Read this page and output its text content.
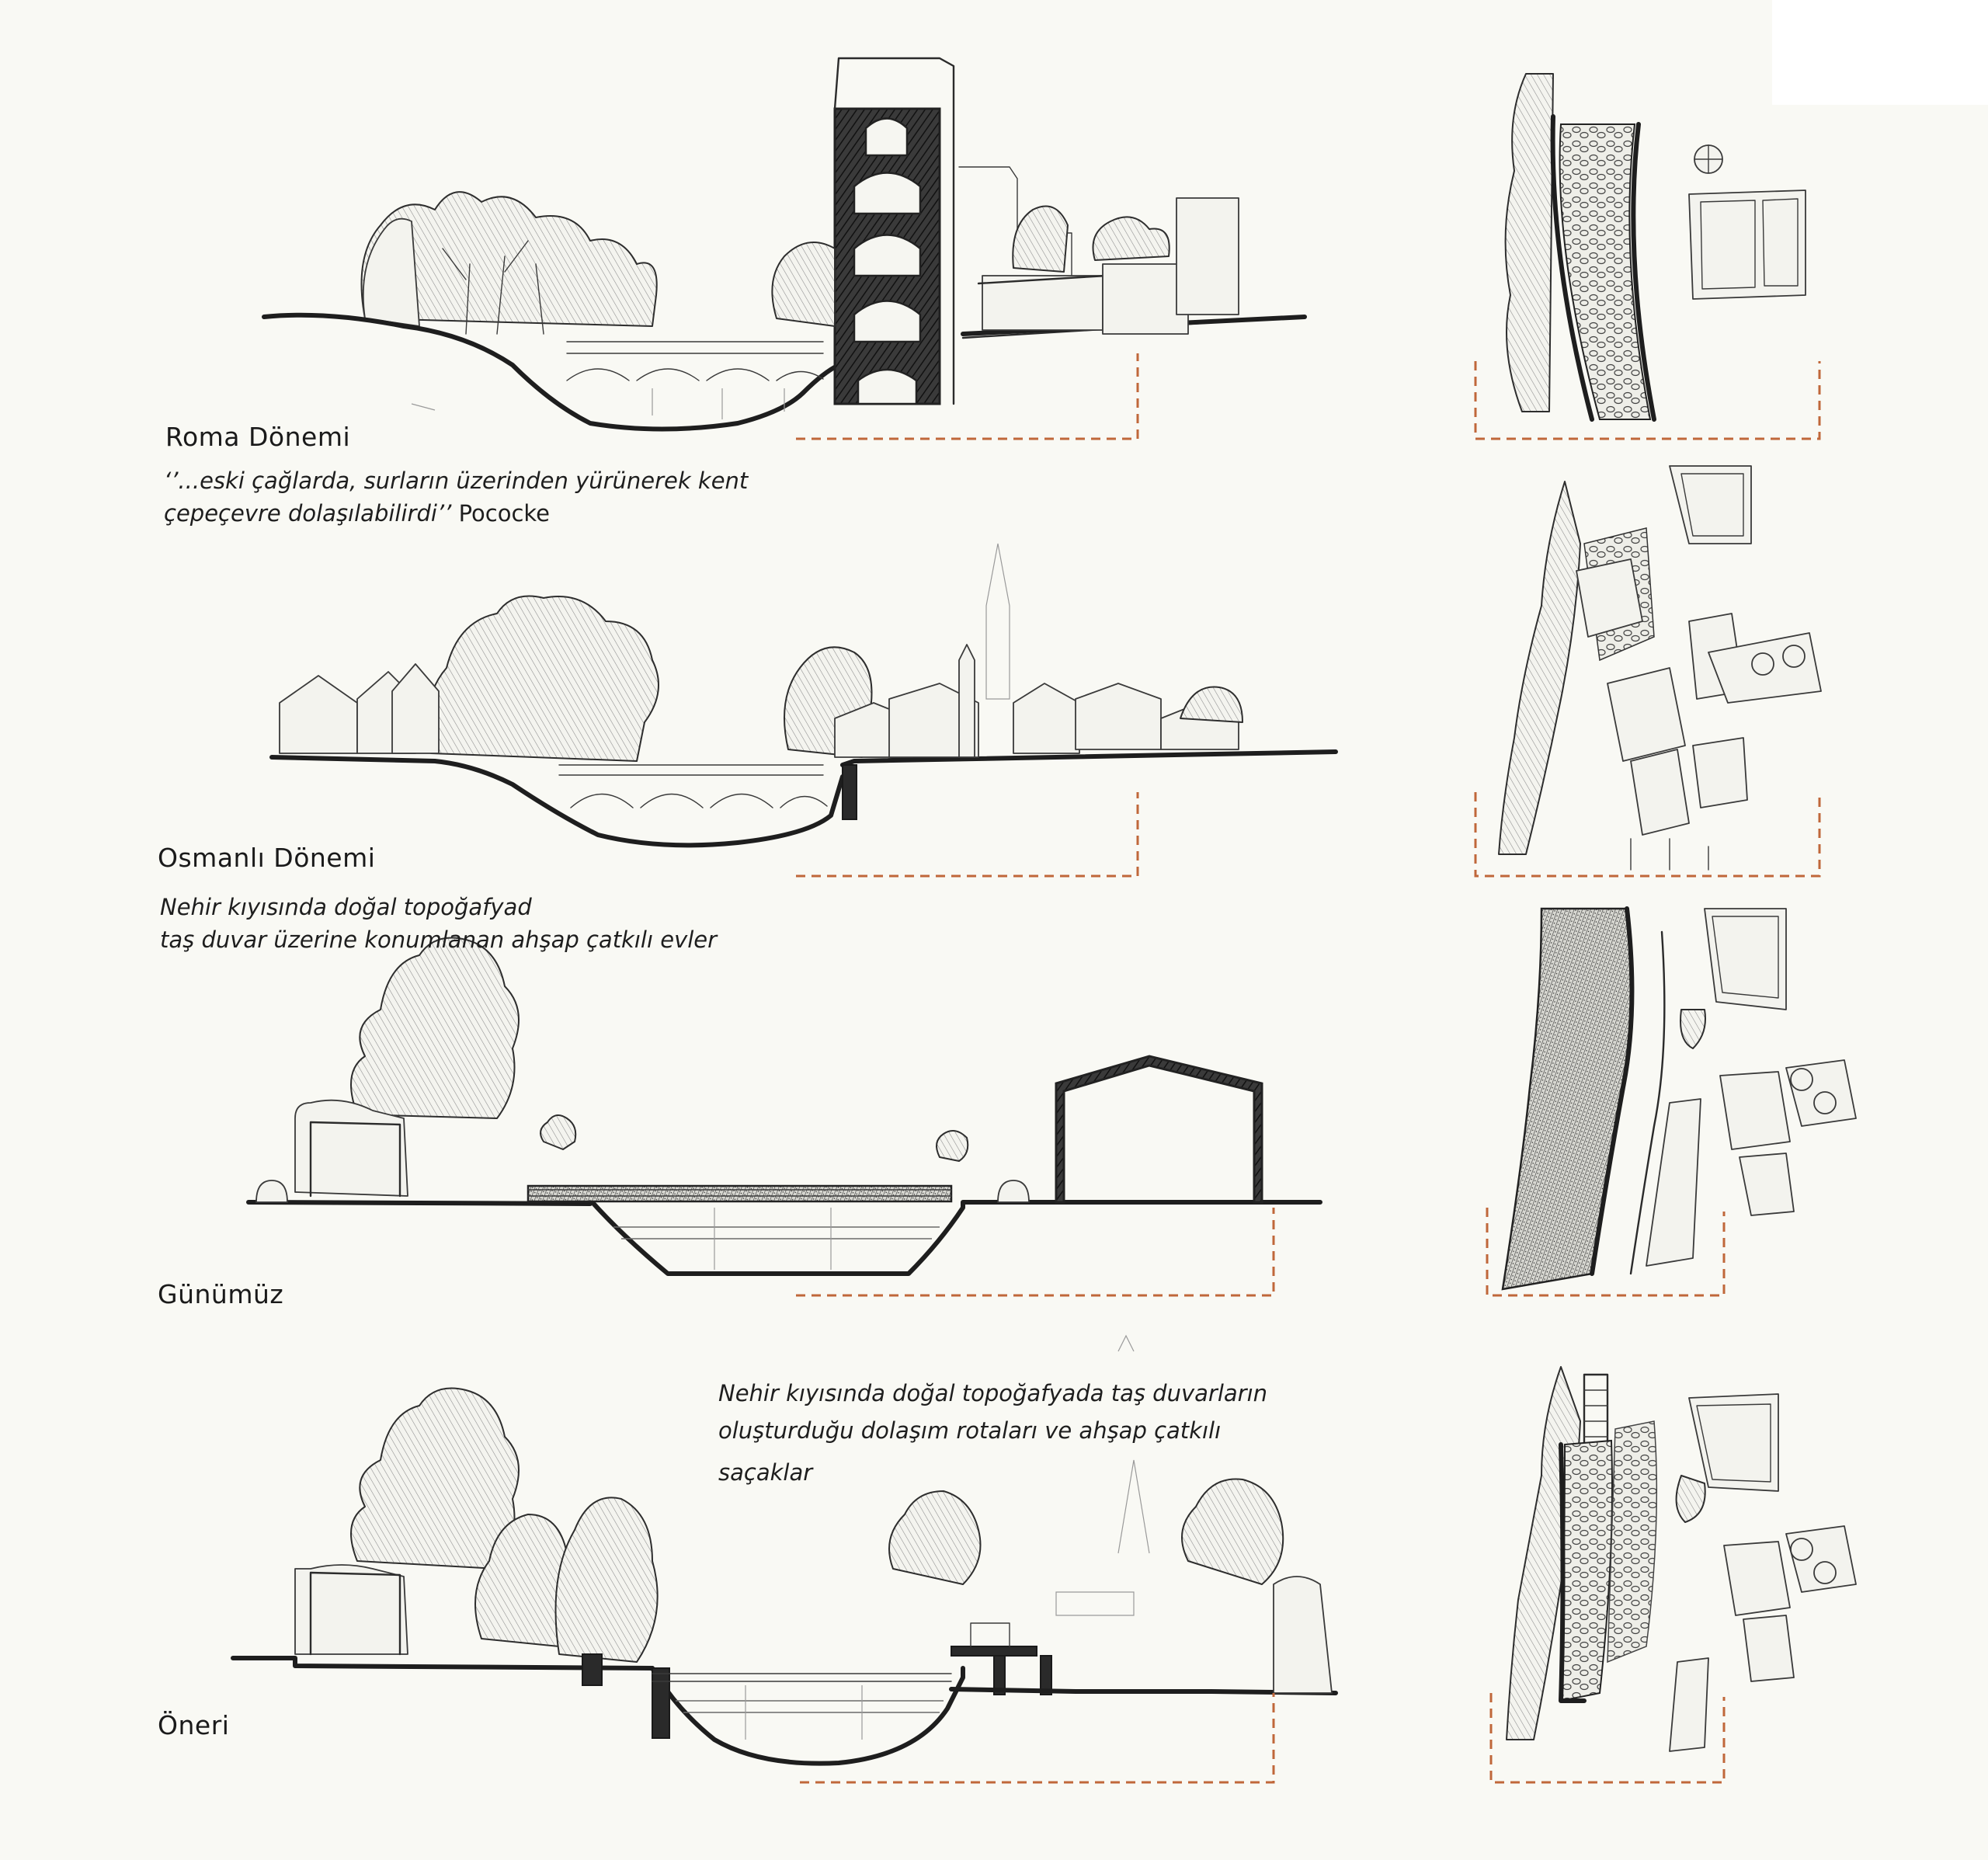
Roma Dönemi
‘’...eski çağlarda, surların üzerinden yürünerek kent
çepeçevre dolaşılabilirdi’’ Pococke
Osmanlı Dönemi
Nehir kıyısında doğal topoğafyad
taş duvar üzerine konumlanan ahşap çatkılı evler
Günümüz
Nehir kıyısında doğal topoğafyada taş duvarların
oluşturduğu dolaşım rotaları ve ahşap çatkılı
saçaklar
Öneri
